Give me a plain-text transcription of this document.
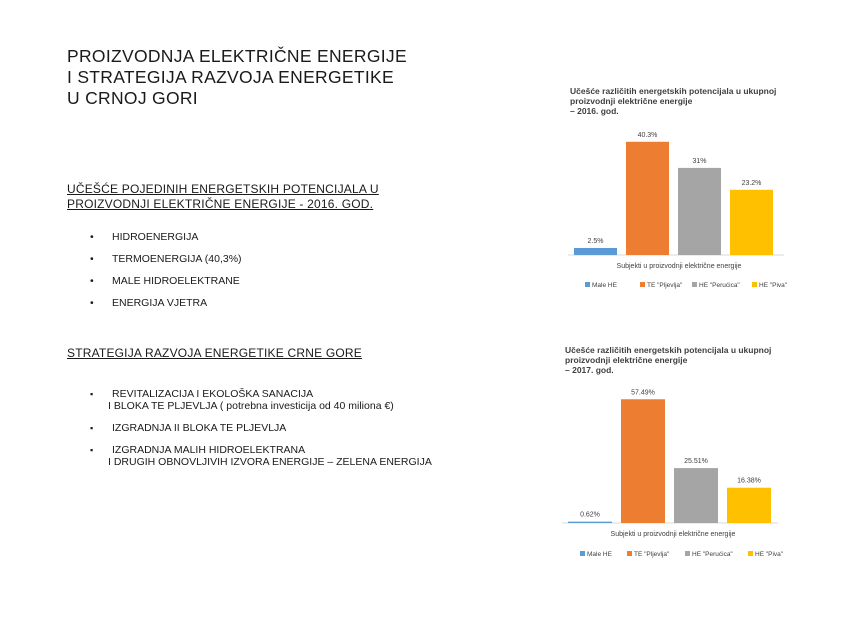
PROIZVODNJA ELEKTRIČNE ENERGIJE
I STRATEGIJA RAZVOJA ENERGETIKE
U CRNOJ GORI
UČEŠĆE POJEDINIH ENERGETSKIH POTENCIJALA U
PROIZVODNJI ELEKTRIČNE ENERGIJE - 2016. GOD.
• HIDROENERGIJA
• TERMOENERGIJA (40,3%)
• MALE HIDROELEKTRANE
• ENERGIJA VJETRA
STRATEGIJA RAZVOJA ENERGETIKE CRNE GORE
▪ REVITALIZACIJA I EKOLOŠKA SANACIJA
I BLOKA TE PLJEVLJA ( potrebna investicija od 40 miliona €)
▪ IZGRADNJA II BLOKA TE PLJEVLJA
▪ IZGRADNJA MALIH HIDROELEKTRANA
I DRUGIH OBNOVLJIVIH IZVORA ENERGIJE – ZELENA ENERGIJA
Učešće različitih energetskih potencijala u ukupnoj
proizvodnji električne energije
– 2016. god.
2.5%
40.3%
31%
23.2%
Subjekti u proizvodnji električne energije
Male HE	TE "Pljevlja"	HE "Perućica"	HE "Piva"
Učešće različitih energetskih potencijala u ukupnoj
proizvodnji električne energije
– 2017. god.
0.62%
57.49%
25.51%
16.38%
Subjekti u proizvodnji električne energije
Male HE	TE "Pljevlja"	HE "Perućica"	HE "Piva"
